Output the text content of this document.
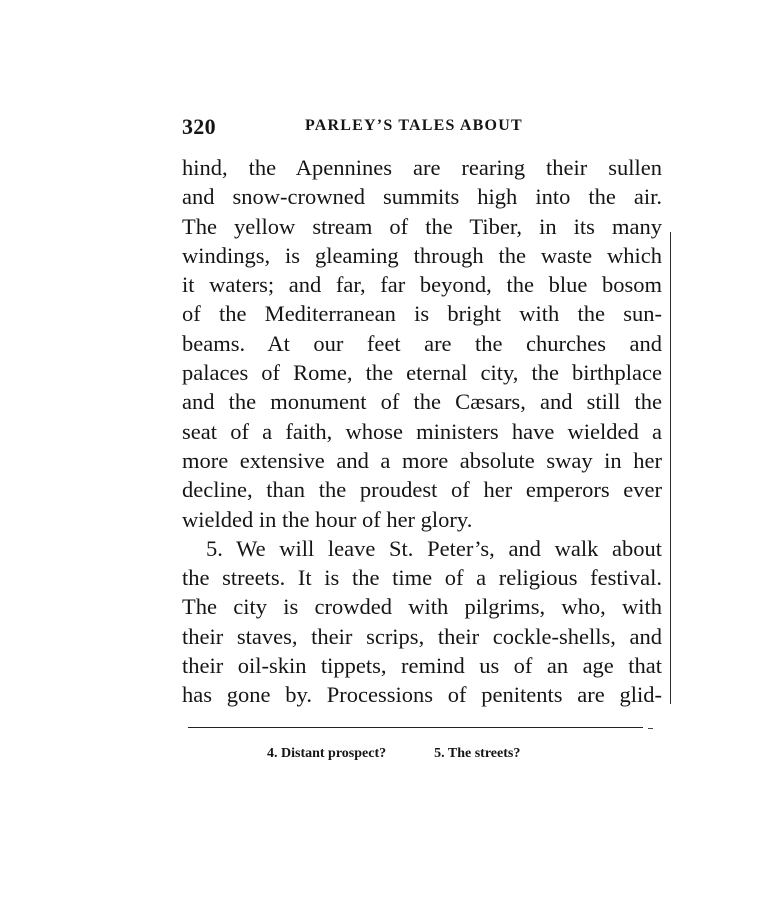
320	PARLEY’S TALES ABOUT
hind, the Apennines are rearing their sullen
and snow-crowned summits high into the air.
The yellow stream of the Tiber, in its many
windings, is gleaming through the waste which
it waters; and far, far beyond, the blue bosom
of the Mediterranean is bright with the sun-
beams. At our feet are the churches and
palaces of Rome, the eternal city, the birthplace
and the monument of the Cæsars, and still the
seat of a faith, whose ministers have wielded a
more extensive and a more absolute sway in her
decline, than the proudest of her emperors ever
wielded in the hour of her glory.
5. We will leave St. Peter’s, and walk about
the streets. It is the time of a religious festival.
The city is crowded with pilgrims, who, with
their staves, their scrips, their cockle-shells, and
their oil-skin tippets, remind us of an age that
has gone by. Processions of penitents are glid-
4. Distant prospect?	5. The streets?
